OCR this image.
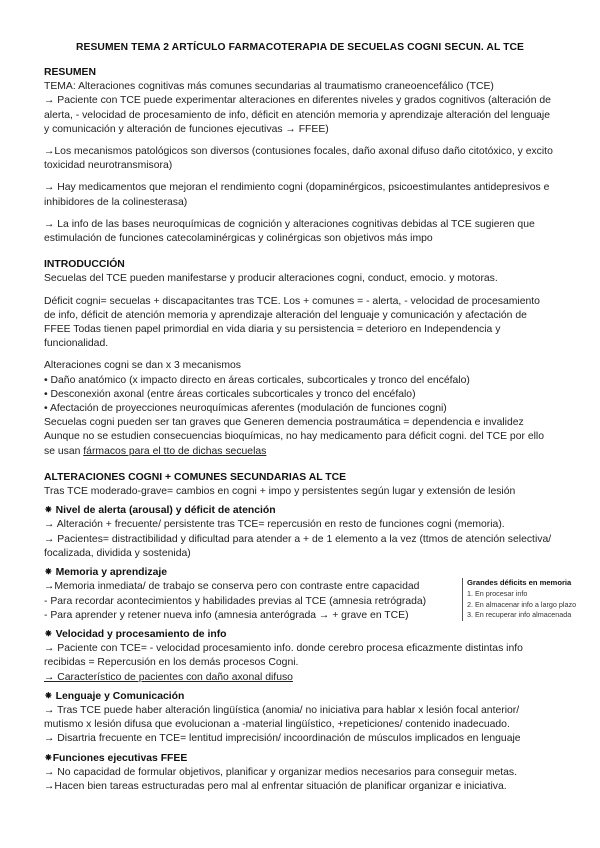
RESUMEN TEMA 2 ARTÍCULO FARMACOTERAPIA DE SECUELAS COGNI SECUN. AL TCE
RESUMEN
TEMA: Alteraciones cognitivas más comunes secundarias al traumatismo craneoencefálico (TCE)
→ Paciente con TCE puede experimentar alteraciones en diferentes niveles y grados cognitivos (alteración de alerta, - velocidad de procesamiento de info, déficit en atención memoria y aprendizaje alteración del lenguaje y comunicación y alteración de funciones ejecutivas → FFEE)
→Los mecanismos patológicos son diversos (contusiones focales, daño axonal difuso daño citotóxico, y excito toxicidad neurotransmisora)
→ Hay medicamentos que mejoran el rendimiento cogni (dopaminérgicos, psicoestimulantes antidepresivos e inhibidores de la colinesterasa)
→ La info de las bases neuroquímicas de cognición y alteraciones cognitivas debidas al TCE sugieren que estimulación de funciones catecolaminérgicas y colinérgicas son objetivos más impo
INTRODUCCIÓN
Secuelas del TCE pueden manifestarse y producir alteraciones cogni, conduct, emocio. y motoras.
Déficit cogni= secuelas + discapacitantes tras TCE. Los + comunes = - alerta, - velocidad de procesamiento de info, déficit de atención memoria y aprendizaje alteración del lenguaje y comunicación y afectación de FFEE Todas tienen papel primordial en vida diaria y su persistencia = deterioro en Independencia y funcionalidad.
Alteraciones cogni se dan x 3 mecanismos
• Daño anatómico (x impacto directo en áreas corticales, subcorticales y tronco del encéfalo)
• Desconexión axonal (entre áreas corticales subcorticales y tronco del encéfalo)
• Afectación de proyecciones neuroquímicas aferentes (modulación de funciones cogni)
Secuelas cogni pueden ser tan graves que Generen demencia postraumática = dependencia e invalidez
Aunque no se estudien consecuencias bioquímicas, no hay medicamento para déficit cogni. del TCE por ello se usan fármacos para el tto de dichas secuelas
ALTERACIONES COGNI + COMUNES SECUNDARIAS AL TCE
Tras TCE moderado-grave= cambios en cogni + impo y persistentes según lugar y extensión de lesión
⁕ Nivel de alerta (arousal) y déficit de atención
→ Alteración + frecuente/ persistente tras TCE= repercusión en resto de funciones cogni (memoria).
→ Pacientes= distractibilidad y dificultad para atender a + de 1 elemento a la vez (ttmos de atención selectiva/ focalizada, dividida y sostenida)
⁕ Memoria y aprendizaje
→Memoria inmediata/ de trabajo se conserva pero con contraste entre capacidad
- Para recordar acontecimientos y habilidades previas al TCE (amnesia retrógrada)
- Para aprender y retener nueva info (amnesia anterógrada → + grave en TCE)
⁕ Velocidad y procesamiento de info
→ Paciente con TCE= - velocidad procesamiento info. donde cerebro procesa eficazmente distintas info recibidas = Repercusión en los demás procesos Cogni.
→ Característico de pacientes con daño axonal difuso
⁕ Lenguaje y Comunicación
→ Tras TCE puede haber alteración lingüística (anomia/ no iniciativa para hablar x lesión focal anterior/ mutismo x lesión difusa que evolucionan a -material lingüístico, +repeticiones/ contenido inadecuado.
→ Disartria frecuente en TCE= lentitud imprecisión/ incoordinación de músculos implicados en lenguaje
⁕Funciones ejecutivas FFEE
→ No capacidad de formular objetivos, planificar y organizar medios necesarios para conseguir metas.
→Hacen bien tareas estructuradas pero mal al enfrentar situación de planificar organizar e iniciativa.
Grandes déficits en memoria
1. En procesar info
2. En almacenar info a largo plazo
3. En recuperar info almacenada
